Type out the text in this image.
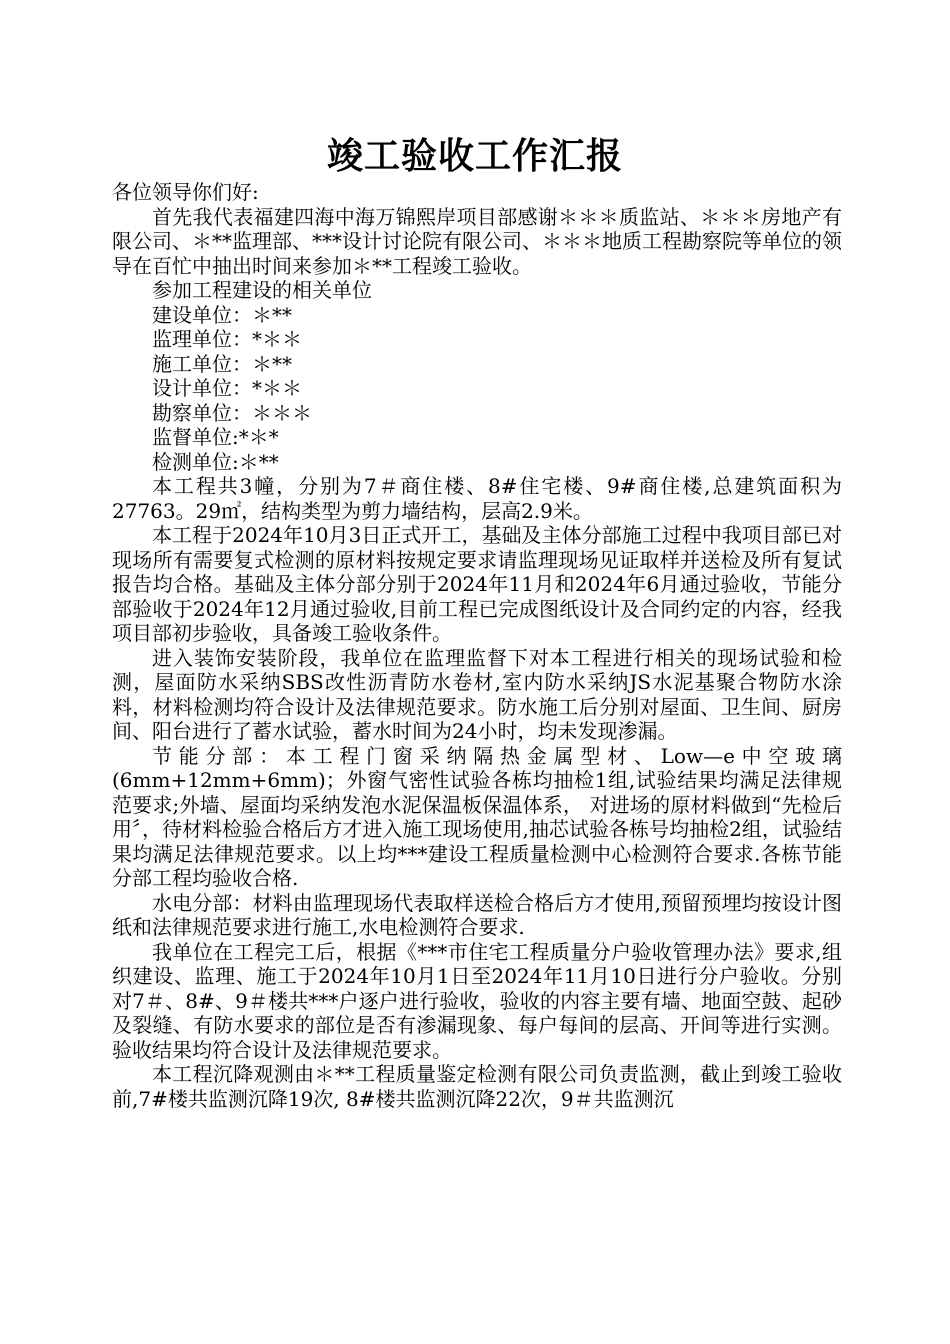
竣工验收工作汇报

各位领导你们好:

首先我代表福建四海中海万锦熙岸项目部感谢＊＊＊质监站、＊＊＊房地产有限公司、＊**监理部、***设计讨论院有限公司、＊＊＊地质工程勘察院等单位的领导在百忙中抽出时间来参加＊**工程竣工验收。

参加工程建设的相关单位

建设单位：＊**

监理单位：*＊＊

施工单位：＊**

设计单位：*＊＊

勘察单位：＊＊＊

监督单位:*＊*

检测单位:＊**

本工程共3幢，分别为7＃商住楼、8#住宅楼、9#商住楼,总建筑面积为27763。29㎡，结构类型为剪力墙结构，层高2.9米。

本工程于2024年10月3日正式开工，基础及主体分部施工过程中我项目部已对现场所有需要复式检测的原材料按规定要求请监理现场见证取样并送检及所有复试报告均合格。基础及主体分部分别于2024年11月和2024年6月通过验收，节能分部验收于2024年12月通过验收,目前工程已完成图纸设计及合同约定的内容，经我项目部初步验收，具备竣工验收条件。

进入装饰安装阶段，我单位在监理监督下对本工程进行相关的现场试验和检测，屋面防水采纳SBS改性沥青防水卷材,室内防水采纳JS水泥基聚合物防水涂料，材料检测均符合设计及法律规范要求。防水施工后分别对屋面、卫生间、厨房间、阳台进行了蓄水试验，蓄水时间为24小时，均未发现渗漏。

节能分部：本工程门窗采纳隔热金属型材、Low—e中空玻璃(6mm+12mm+6mm)；外窗气密性试验各栋均抽检1组,试验结果均满足法律规范要求;外墙、屋面均采纳发泡水泥保温板保温体系， 对进场的原材料做到“先检后用〞，待材料检验合格后方才进入施工现场使用,抽芯试验各栋号均抽检2组，试验结果均满足法律规范要求。以上均***建设工程质量检测中心检测符合要求.各栋节能分部工程均验收合格.

水电分部：材料由监理现场代表取样送检合格后方才使用,预留预埋均按设计图纸和法律规范要求进行施工,水电检测符合要求.

我单位在工程完工后，根据《***市住宅工程质量分户验收管理办法》要求,组织建设、监理、施工于2024年10月1日至2024年11月10日进行分户验收。分别对7＃、8#、9＃楼共***户逐户进行验收，验收的内容主要有墙、地面空鼓、起砂及裂缝、有防水要求的部位是否有渗漏现象、每户每间的层高、开间等进行实测。验收结果均符合设计及法律规范要求。

本工程沉降观测由＊**工程质量鉴定检测有限公司负责监测，截止到竣工验收前,7#楼共监测沉降19次, 8#楼共监测沉降22次，9＃共监测沉
